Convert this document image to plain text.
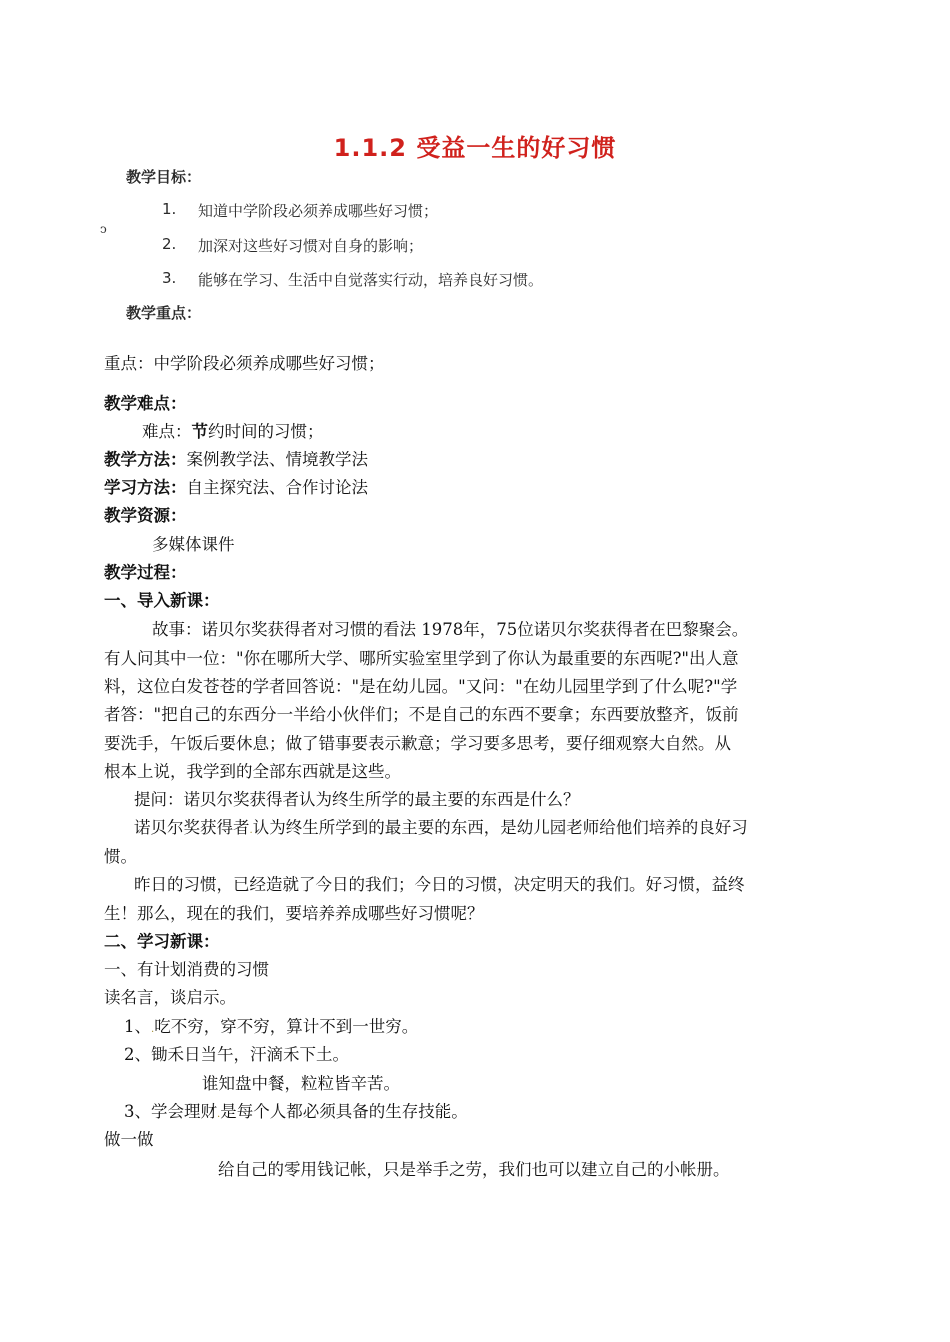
1.1.2 受益一生的好习惯
教学目标：
1. 知道中学阶段必须养成哪些好习惯；
2. 加深对这些好习惯对自身的影响；
3. 能够在学习、生活中自觉落实行动，培养良好习惯。
教学重点：
ↄ
重点：中学阶段必须养成哪些好习惯；
教学难点：
难点：节约时间的习惯；
教学方法：案例教学法、情境教学法
学习方法：自主探究法、合作讨论法
教学资源：
多媒体课件
教学过程：
一、导入新课：
故事：诺贝尔奖获得者对习惯的看法 1978年，75位诺贝尔奖获得者在巴黎聚会。
有人问其中一位："你在哪所大学、哪所实验室里学到了你认为最重要的东西呢?"出人意
料，这位白发苍苍的学者回答说："是在幼儿园。"又问："在幼儿园里学到了什么呢?"学
者答："把自己的东西分一半给小伙伴们；不是自己的东西不要拿；东西要放整齐，饭前
要洗手，午饭后要休息；做了错事要表示歉意；学习要多思考，要仔细观察大自然。从
根本上说，我学到的全部东西就是这些。
提问：诺贝尔奖获得者认为终生所学的最主要的东西是什么？
诺贝尔奖获得者.认为终生所学到的最主要的东西，是幼儿园老师给他们培养的良好习
惯。
昨日的习惯，已经造就了今日的我们；今日的习惯，决定明天的我们。好习惯，益终
生！那么，现在的我们，要培养养成哪些好习惯呢？
二、学习新课：
一、有计划消费的习惯
读名言，谈启示。
1、.吃不穷，穿不穷，算计不到一世穷。
2、锄禾日当午，汗滴禾下土。
谁知盘中餐，粒粒皆辛苦。
3、学会理财.是每个人都必须具备的生存技能。
做一做
给自己的零用钱记帐，只是举手之劳，我们也可以建立自己的小帐册。
